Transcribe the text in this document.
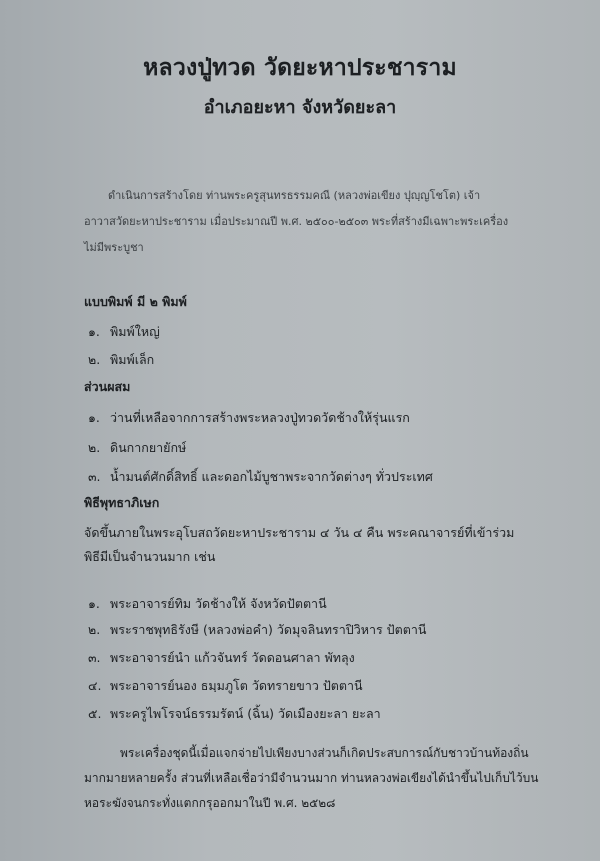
หลวงปู่ทวด วัดยะหาประชาราม
อำเภอยะหา จังหวัดยะลา
ดำเนินการสร้างโดย ท่านพระครูสุนทรธรรมคณี (หลวงพ่อเขียง ปุญฺญโชโต) เจ้า
อาวาสวัดยะหาประชาราม เมื่อประมาณปี พ.ศ. ๒๕๐๐-๒๕๐๓ พระที่สร้างมีเฉพาะพระเครื่อง
ไม่มีพระบูชา
แบบพิมพ์ มี ๒ พิมพ์
๑. พิมพ์ใหญ่
๒. พิมพ์เล็ก
ส่วนผสม
๑. ว่านที่เหลือจากการสร้างพระหลวงปู่ทวดวัดช้างให้รุ่นแรก
๒. ดินกากยายักษ์
๓. น้ำมนต์ศักดิ์สิทธิ์ และดอกไม้บูชาพระจากวัดต่างๆ ทั่วประเทศ
พิธีพุทธาภิเษก
จัดขึ้นภายในพระอุโบสถวัดยะหาประชาราม ๔ วัน ๔ คืน พระคณาจารย์ที่เข้าร่วม
พิธีมีเป็นจำนวนมาก เช่น
๑. พระอาจารย์ทิม วัดช้างให้ จังหวัดปัตตานี
๒. พระราชพุทธิรังษี (หลวงพ่อคำ) วัดมุจลินทราปิวิหาร ปัตตานี
๓. พระอาจารย์นำ แก้วจันทร์ วัดดอนศาลา พัทลุง
๔. พระอาจารย์นอง ธมฺมภูโต วัดทรายขาว ปัตตานี
๕. พระครูไพโรจน์ธรรมรัตน์ (ฉิ้น) วัดเมืองยะลา ยะลา
พระเครื่องชุดนี้เมื่อแจกจ่ายไปเพียงบางส่วนก็เกิดประสบการณ์กับชาวบ้านท้องถิ่น
มากมายหลายครั้ง ส่วนที่เหลือเชื่อว่ามีจำนวนมาก ท่านหลวงพ่อเขียงได้นำขึ้นไปเก็บไว้บน
หอระฆังจนกระทั่งแตกกรุออกมาในปี พ.ศ. ๒๕๒๘
